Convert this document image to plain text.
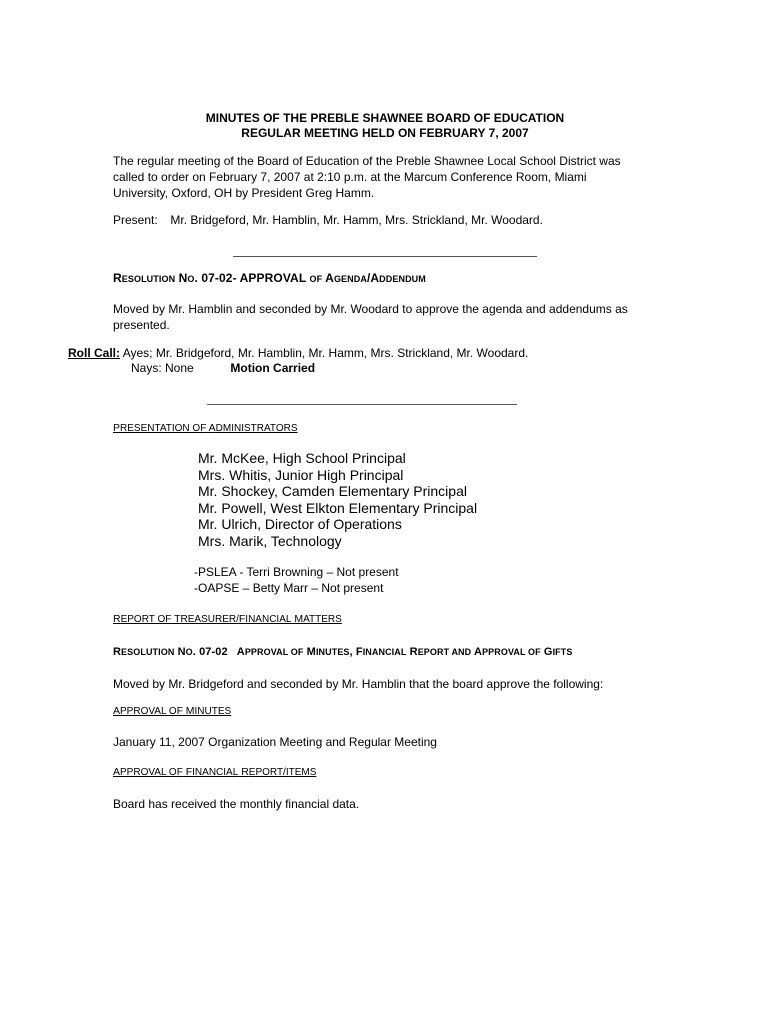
MINUTES OF THE PREBLE SHAWNEE BOARD OF EDUCATION
REGULAR MEETING HELD ON FEBRUARY 7, 2007
The regular meeting of the Board of Education of the Preble Shawnee Local School District was
called to order on February 7, 2007 at 2:10 p.m. at the Marcum Conference Room, Miami
University, Oxford, OH by President Greg Hamm.
Present: Mr. Bridgeford, Mr. Hamblin, Mr. Hamm, Mrs. Strickland, Mr. Woodard.
RESOLUTION NO. 07-02- APPROVAL OF AGENDA/ADDENDUM
Moved by Mr. Hamblin and seconded by Mr. Woodard to approve the agenda and addendums as
presented.
Roll Call: Ayes; Mr. Bridgeford, Mr. Hamblin, Mr. Hamm, Mrs. Strickland, Mr. Woodard.
Nays: None	Motion Carried
PRESENTATION OF ADMINISTRATORS
Mr. McKee, High School Principal
Mrs. Whitis, Junior High Principal
Mr. Shockey, Camden Elementary Principal
Mr. Powell, West Elkton Elementary Principal
Mr. Ulrich, Director of Operations
Mrs. Marik, Technology
-PSLEA - Terri Browning – Not present
-OAPSE – Betty Marr – Not present
REPORT OF TREASURER/FINANCIAL MATTERS
RESOLUTION NO. 07-02 APPROVAL OF MINUTES, FINANCIAL REPORT AND APPROVAL OF GIFTS
Moved by Mr. Bridgeford and seconded by Mr. Hamblin that the board approve the following:
APPROVAL OF MINUTES
January 11, 2007 Organization Meeting and Regular Meeting
APPROVAL OF FINANCIAL REPORT/ITEMS
Board has received the monthly financial data.
